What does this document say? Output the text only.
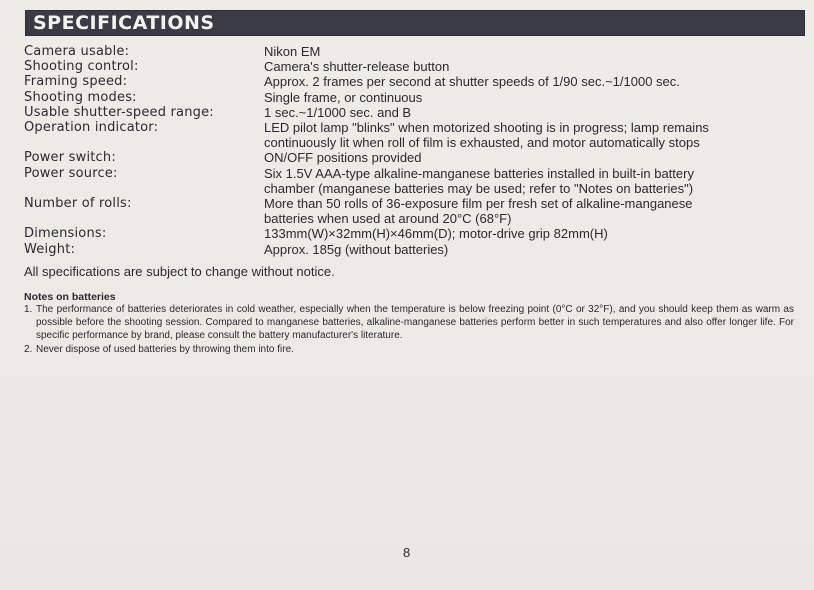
SPECIFICATIONS
Camera usable:	Nikon EM
Shooting control:	Camera's shutter-release button
Framing speed:	Approx. 2 frames per second at shutter speeds of 1/90 sec.~1/1000 sec.
Shooting modes:	Single frame, or continuous
Usable shutter-speed range:	1 sec.~1/1000 sec. and B
Operation indicator:	LED pilot lamp "blinks" when motorized shooting is in progress; lamp remains
continuously lit when roll of film is exhausted, and motor automatically stops
Power switch:	ON/OFF positions provided
Power source:	Six 1.5V AAA-type alkaline-manganese batteries installed in built-in battery
chamber (manganese batteries may be used; refer to "Notes on batteries")
Number of rolls:	More than 50 rolls of 36-exposure film per fresh set of alkaline-manganese
batteries when used at around 20°C (68°F)
Dimensions:	133mm(W)×32mm(H)×46mm(D); motor-drive grip 82mm(H)
Weight:	Approx. 185g (without batteries)
All specifications are subject to change without notice.
Notes on batteries
1. The performance of batteries deteriorates in cold weather, especially when the temperature is below freezing point (0°C or 32°F), and you should keep them as warm as possible before the shooting session. Compared to manganese batteries, alkaline-manganese batteries perform better in such temperatures and also offer longer life. For specific performance by brand, please consult the battery manufacturer's literature.
2. Never dispose of used batteries by throwing them into fire.
8
